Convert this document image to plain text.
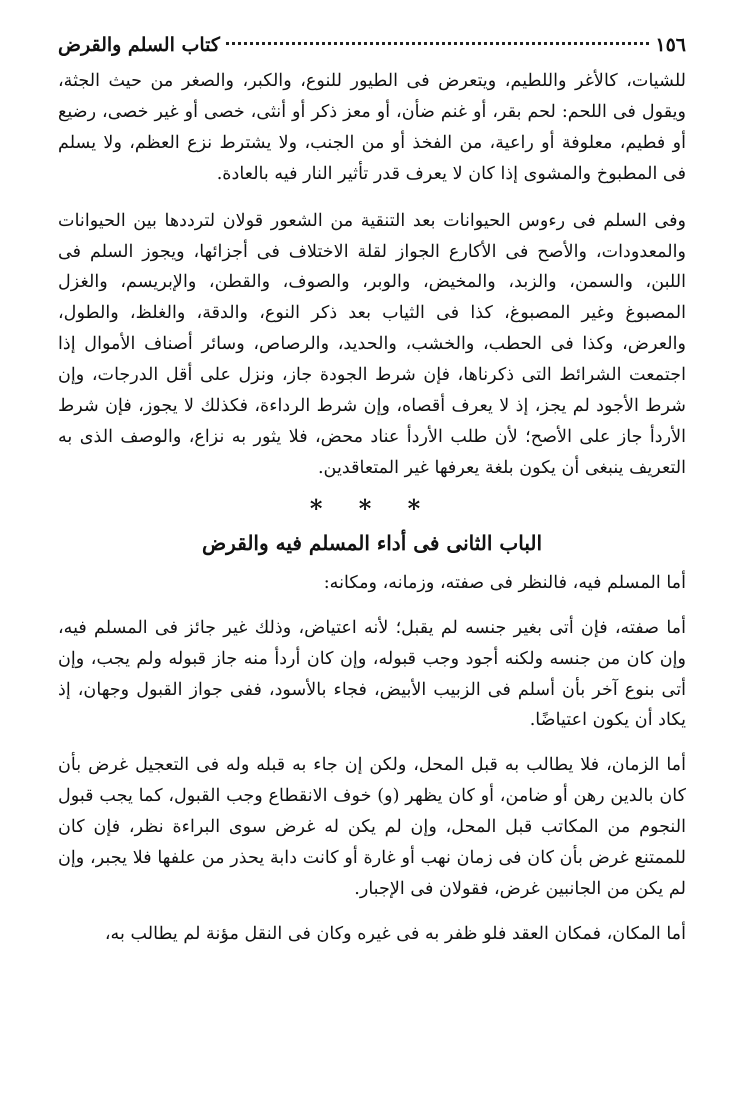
١٥٦
كتاب السلم والقرض

للشيات، كالأغر واللطيم، ويتعرض فى الطيور للنوع، والكبر، والصغر من حيث الجثة، ويقول فى اللحم: لحم بقر، أو غنم ضأن، أو معز ذكر أو أنثى، خصى أو غير خصى، رضيع أو فطيم، معلوفة أو راعية، من الفخذ أو من الجنب، ولا يشترط نزع العظم، ولا يسلم فى المطبوخ والمشوى إذا كان لا يعرف قدر تأثير النار فيه بالعادة.

وفى السلم فى رءوس الحيوانات بعد التنقية من الشعور قولان لترددها بين الحيوانات والمعدودات، والأصح فى الأكارع الجواز لقلة الاختلاف فى أجزائها، ويجوز السلم فى اللبن، والسمن، والزبد، والمخيض، والوبر، والصوف، والقطن، والإبريسم، والغزل المصبوغ وغير المصبوغ، كذا فى الثياب بعد ذكر النوع، والدقة، والغلظ، والطول، والعرض، وكذا فى الحطب، والخشب، والحديد، والرصاص، وسائر أصناف الأموال إذا اجتمعت الشرائط التى ذكرناها، فإن شرط الجودة جاز، ونزل على أقل الدرجات، وإن شرط الأجود لم يجز، إذ لا يعرف أقصاه، وإن شرط الرداءة، فكذلك لا يجوز، فإن شرط الأردأ جاز على الأصح؛ لأن طلب الأردأ عناد محض، فلا يثور به نزاع، والوصف الذى به التعريف ينبغى أن يكون بلغة يعرفها غير المتعاقدين.

* * *
الباب الثانى فى أداء المسلم فيه والقرض

أما المسلم فيه، فالنظر فى صفته، وزمانه، ومكانه:

أما صفته، فإن أتى بغير جنسه لم يقبل؛ لأنه اعتياض، وذلك غير جائز فى المسلم فيه، وإن كان من جنسه ولكنه أجود وجب قبوله، وإن كان أردأ منه جاز قبوله ولم يجب، وإن أتى بنوع آخر بأن أسلم فى الزبيب الأبيض، فجاء بالأسود، ففى جواز القبول وجهان، إذ يكاد أن يكون اعتياضًا.

أما الزمان، فلا يطالب به قبل المحل، ولكن إن جاء به قبله وله فى التعجيل غرض بأن كان بالدين رهن أو ضامن، أو كان يظهر (و) خوف الانقطاع وجب القبول، كما يجب قبول النجوم من المكاتب قبل المحل، وإن لم يكن له غرض سوى البراءة نظر، فإن كان للممتنع غرض بأن كان فى زمان نهب أو غارة أو كانت دابة يحذر من علفها فلا يجبر، وإن لم يكن من الجانبين غرض، فقولان فى الإجبار.

أما المكان، فمكان العقد فلو ظفر به فى غيره وكان فى النقل مؤنة لم يطالب به،
